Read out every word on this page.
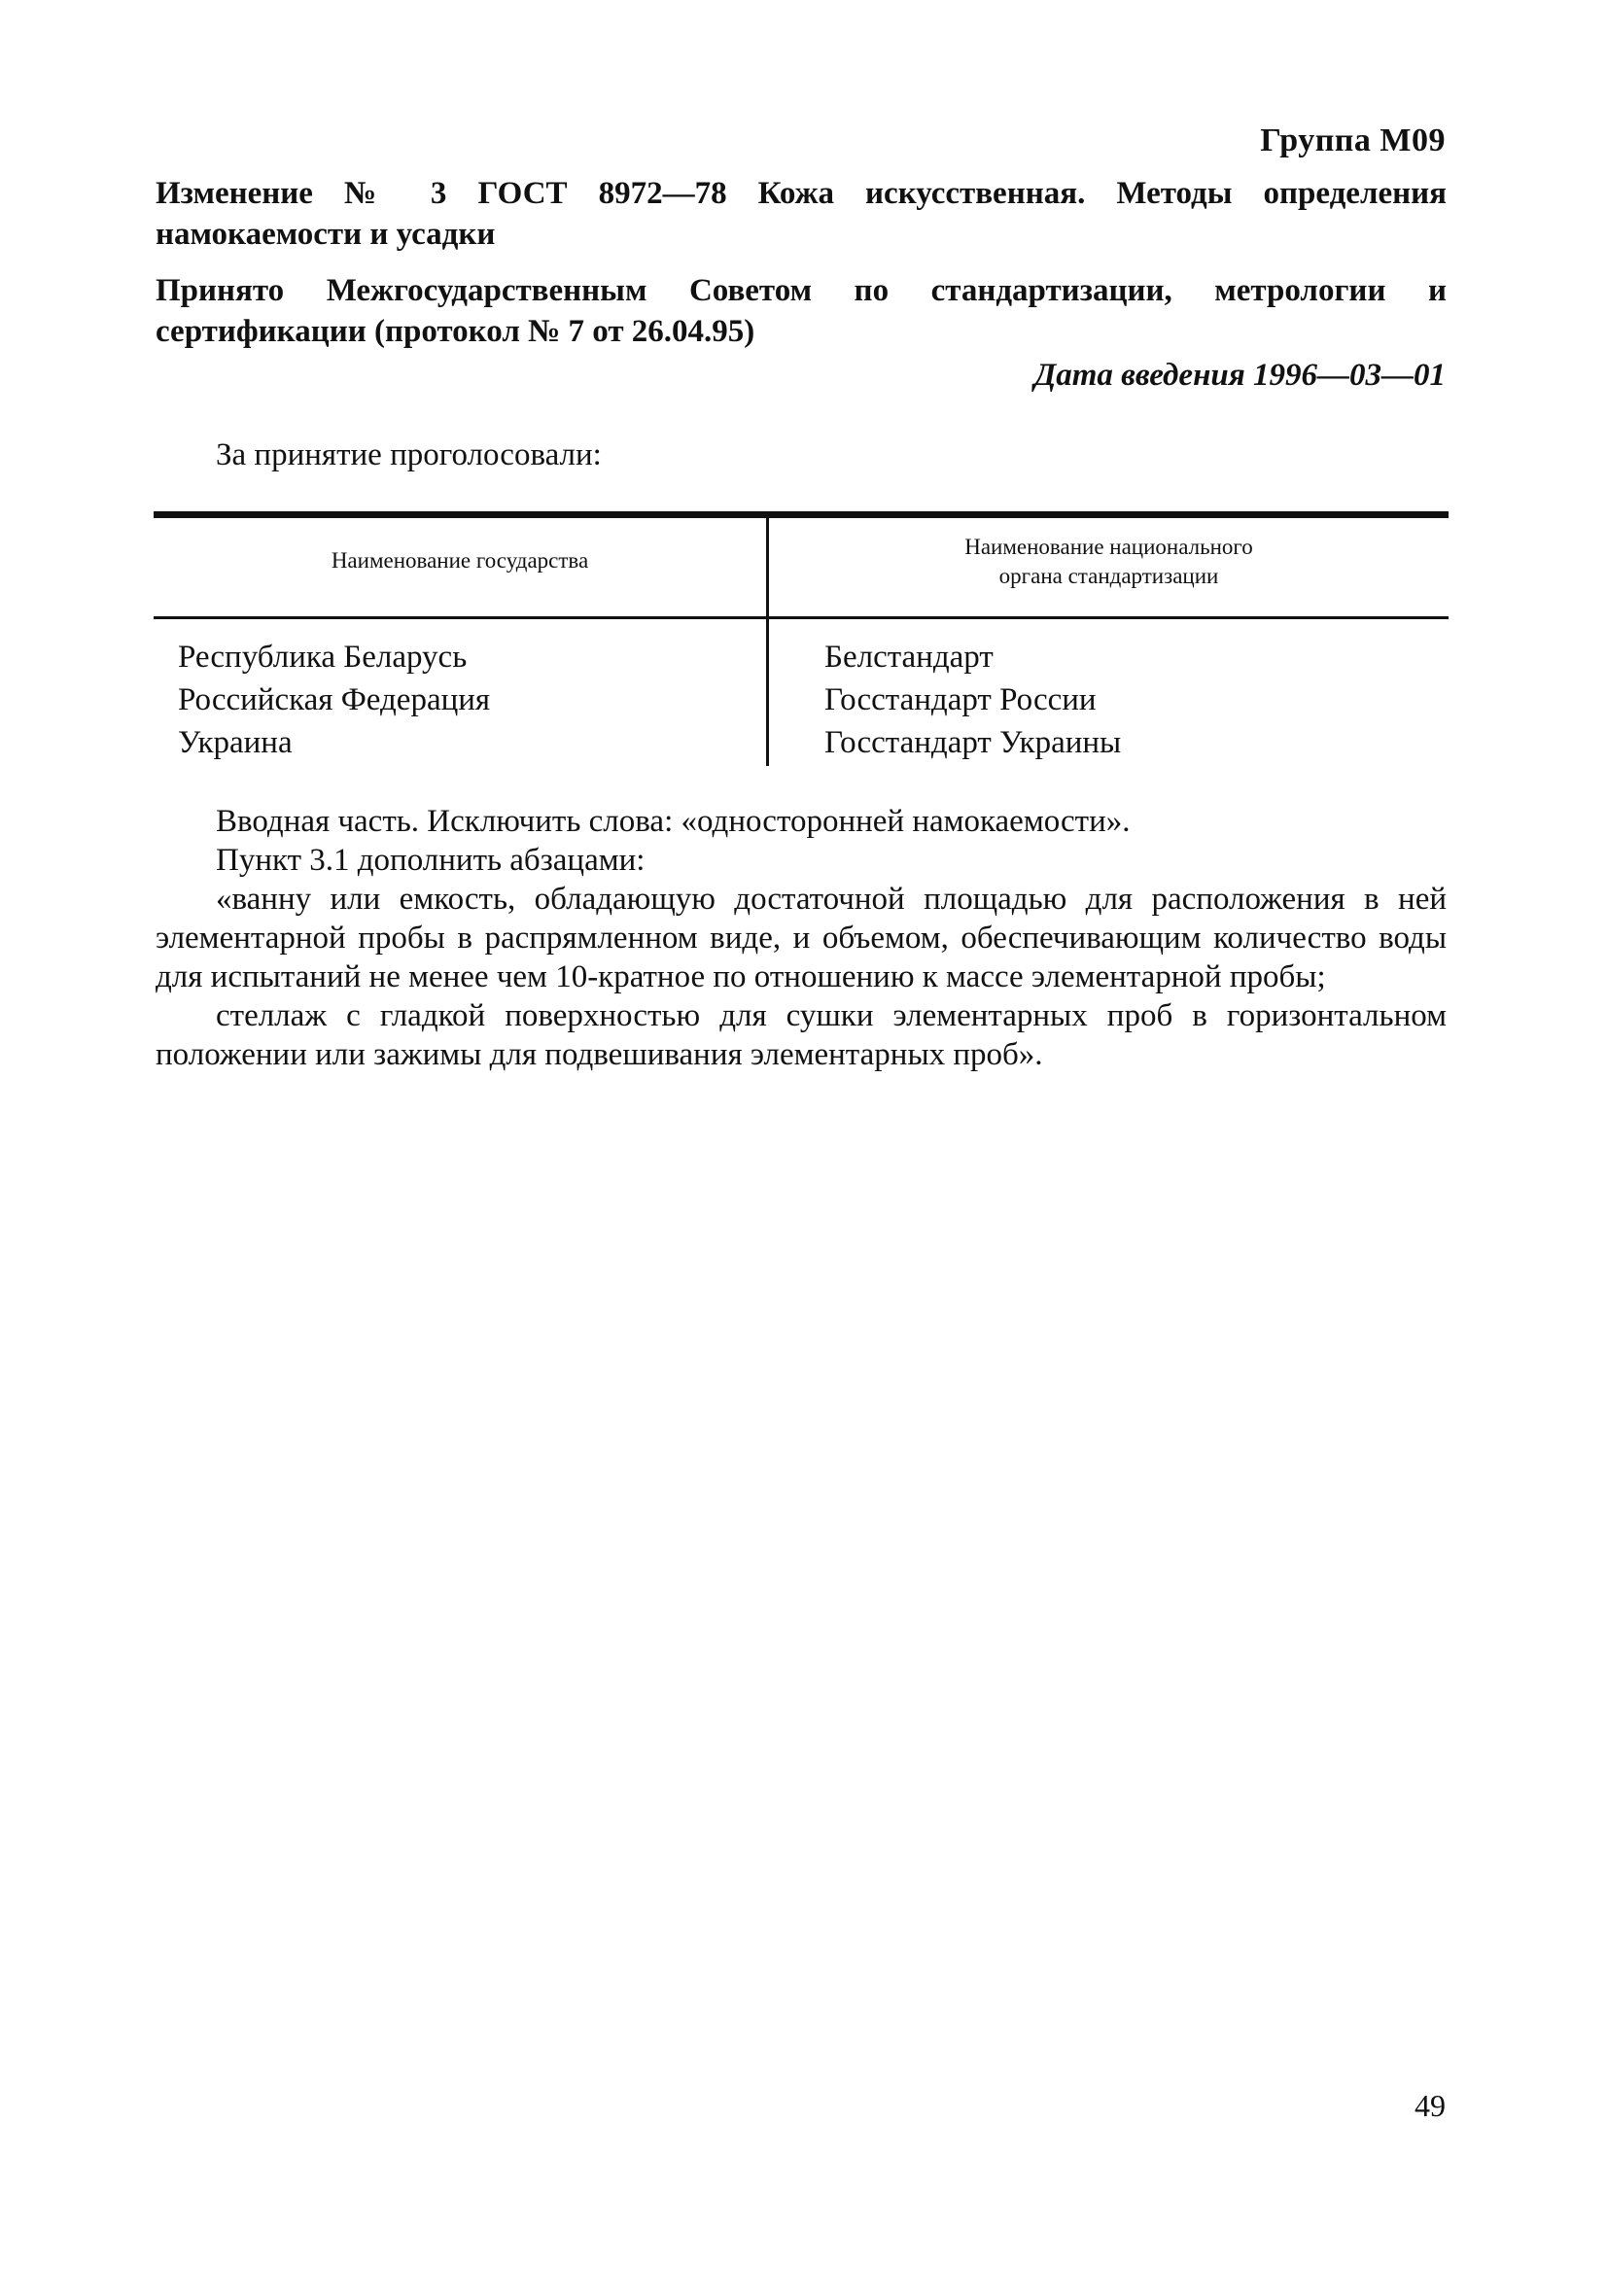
Группа М09
Изменение № 3 ГОСТ 8972—78 Кожа искусственная. Методы определения намокаемости и усадки
Принято Межгосударственным Советом по стандартизации, метрологии и сертификации (протокол № 7 от 26.04.95)
Дата введения 1996—03—01
За принятие проголосовали:
Наименование государства
Наименование национального
органа стандартизации
Республика Беларусь
Российская Федерация
Украина
Белстандарт
Госстандарт России
Госстандарт Украины

Вводная часть. Исключить слова: «односторонней намокаемости».

Пункт 3.1 дополнить абзацами:

«ванну или емкость, обладающую достаточной площадью для расположения в ней элементарной пробы в распрямленном виде, и объемом, обеспечивающим количество воды для испытаний не менее чем 10-кратное по отношению к массе элементарной пробы;

стеллаж с гладкой поверхностью для сушки элементарных проб в горизонтальном положении или зажимы для подвешивания элементарных проб».

49
